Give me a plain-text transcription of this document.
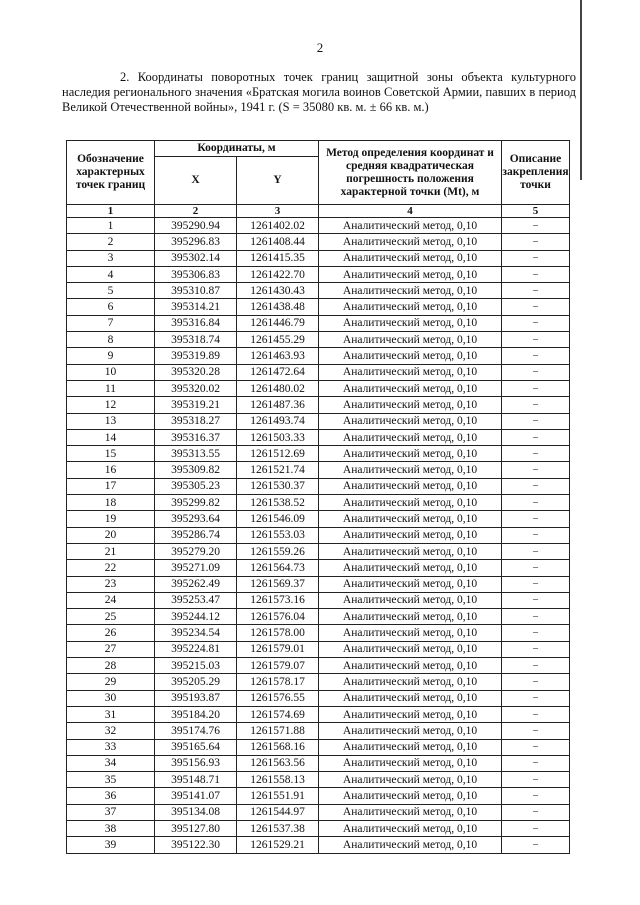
2

2. Координаты поворотных точек границ защитной зоны объекта культурного наследия регионального значения «Братская могила воинов Советской Армии, павших в период Великой Отечественной войны», 1941 г. (S = 35080 кв. м. ± 66 кв. м.)

Обозначение характерных точек границ	Координаты, м		Метод определения координат и средняя квадратическая погрешность положения характерной точки (Mt), м	Описание закрепления точки
	X	Y		
1	2	3	4	5
1	395290.94	1261402.02	Аналитический метод, 0,10	–
2	395296.83	1261408.44	Аналитический метод, 0,10	–
3	395302.14	1261415.35	Аналитический метод, 0,10	–
4	395306.83	1261422.70	Аналитический метод, 0,10	–
5	395310.87	1261430.43	Аналитический метод, 0,10	–
6	395314.21	1261438.48	Аналитический метод, 0,10	–
7	395316.84	1261446.79	Аналитический метод, 0,10	–
8	395318.74	1261455.29	Аналитический метод, 0,10	–
9	395319.89	1261463.93	Аналитический метод, 0,10	–
10	395320.28	1261472.64	Аналитический метод, 0,10	–
11	395320.02	1261480.02	Аналитический метод, 0,10	–
12	395319.21	1261487.36	Аналитический метод, 0,10	–
13	395318.27	1261493.74	Аналитический метод, 0,10	–
14	395316.37	1261503.33	Аналитический метод, 0,10	–
15	395313.55	1261512.69	Аналитический метод, 0,10	–
16	395309.82	1261521.74	Аналитический метод, 0,10	–
17	395305.23	1261530.37	Аналитический метод, 0,10	–
18	395299.82	1261538.52	Аналитический метод, 0,10	–
19	395293.64	1261546.09	Аналитический метод, 0,10	–
20	395286.74	1261553.03	Аналитический метод, 0,10	–
21	395279.20	1261559.26	Аналитический метод, 0,10	–
22	395271.09	1261564.73	Аналитический метод, 0,10	–
23	395262.49	1261569.37	Аналитический метод, 0,10	–
24	395253.47	1261573.16	Аналитический метод, 0,10	–
25	395244.12	1261576.04	Аналитический метод, 0,10	–
26	395234.54	1261578.00	Аналитический метод, 0,10	–
27	395224.81	1261579.01	Аналитический метод, 0,10	–
28	395215.03	1261579.07	Аналитический метод, 0,10	–
29	395205.29	1261578.17	Аналитический метод, 0,10	–
30	395193.87	1261576.55	Аналитический метод, 0,10	–
31	395184.20	1261574.69	Аналитический метод, 0,10	–
32	395174.76	1261571.88	Аналитический метод, 0,10	–
33	395165.64	1261568.16	Аналитический метод, 0,10	–
34	395156.93	1261563.56	Аналитический метод, 0,10	–
35	395148.71	1261558.13	Аналитический метод, 0,10	–
36	395141.07	1261551.91	Аналитический метод, 0,10	–
37	395134.08	1261544.97	Аналитический метод, 0,10	–
38	395127.80	1261537.38	Аналитический метод, 0,10	–
39	395122.30	1261529.21	Аналитический метод, 0,10	–
